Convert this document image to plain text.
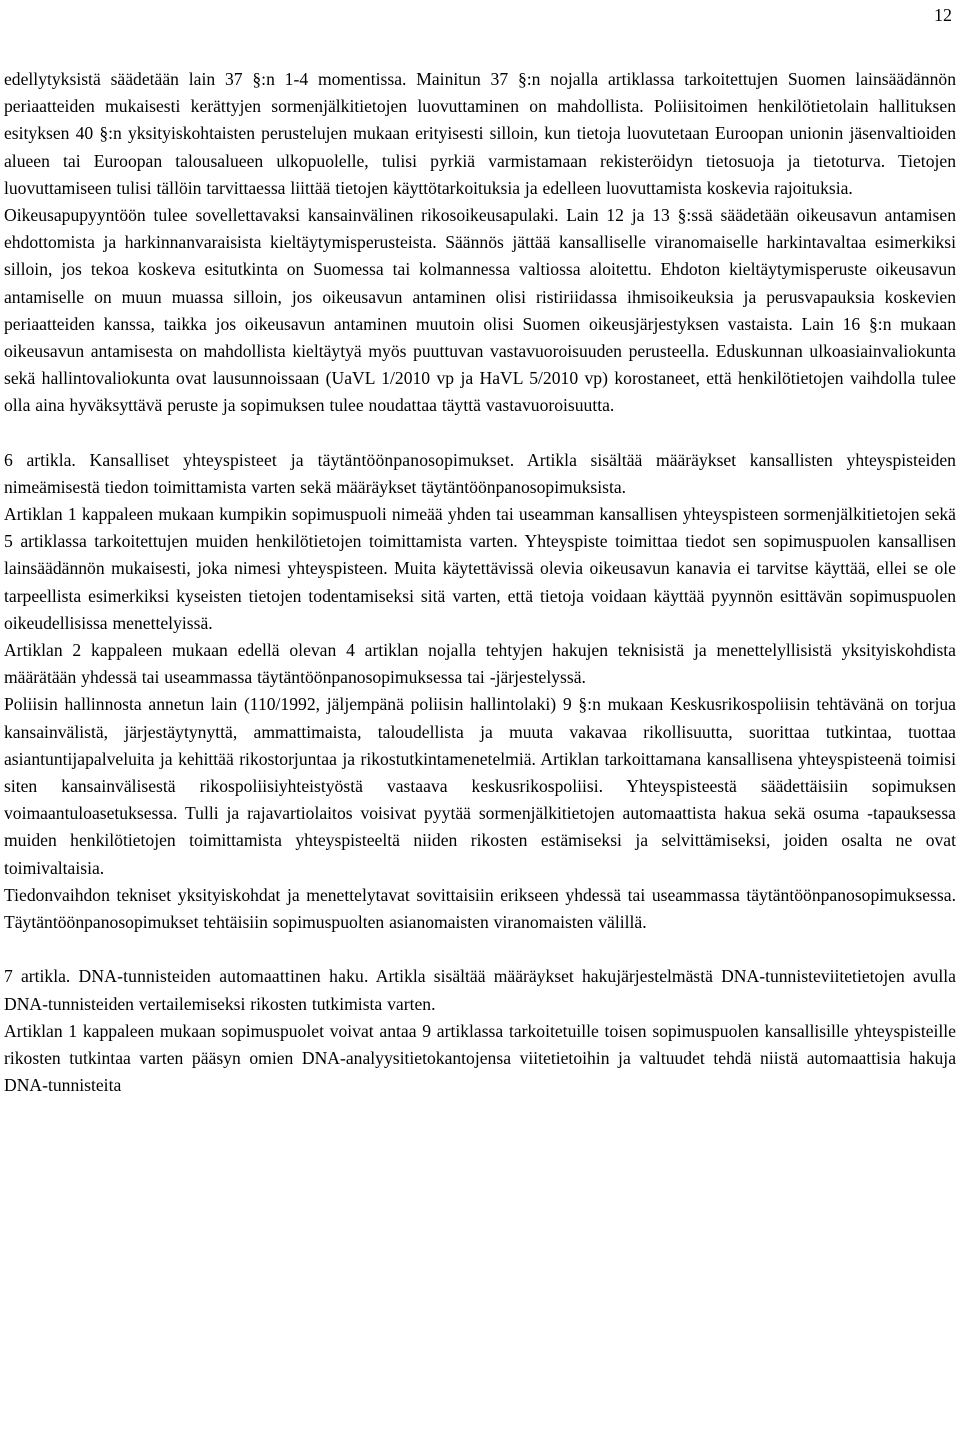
12

edellytyksistä säädetään lain 37 §:n 1-4 momentissa. Mainitun 37 §:n nojalla artiklassa tarkoitettujen Suomen lainsäädännön periaatteiden mukaisesti kerättyjen sormenjälkitietojen luovuttaminen on mahdollista. Poliisitoimen henkilötietolain hallituksen esityksen 40 §:n yksityiskohtaisten perustelujen mukaan erityisesti silloin, kun tietoja luovutetaan Euroopan unionin jäsenvaltioiden alueen tai Euroopan talousalueen ulkopuolelle, tulisi pyrkiä varmistamaan rekisteröidyn tietosuoja ja tietoturva. Tietojen luovuttamiseen tulisi tällöin tarvittaessa liittää tietojen käyttötarkoituksia ja edelleen luovuttamista koskevia rajoituksia.

Oikeusapupyyntöön tulee sovellettavaksi kansainvälinen rikosoikeusapulaki. Lain 12 ja 13 §:ssä säädetään oikeusavun antamisen ehdottomista ja harkinnanvaraisista kieltäytymisperusteista. Säännös jättää kansalliselle viranomaiselle harkintavaltaa esimerkiksi silloin, jos tekoa koskeva esitutkinta on Suomessa tai kolmannessa valtiossa aloitettu. Ehdoton kieltäytymisperuste oikeusavun antamiselle on muun muassa silloin, jos oikeusavun antaminen olisi ristiriidassa ihmisoikeuksia ja perusvapauksia koskevien periaatteiden kanssa, taikka jos oikeusavun antaminen muutoin olisi Suomen oikeusjärjestyksen vastaista. Lain 16 §:n mukaan oikeusavun antamisesta on mahdollista kieltäytyä myös puuttuvan vastavuoroisuuden perusteella. Eduskunnan ulkoasiainvaliokunta sekä hallintovaliokunta ovat lausunnoissaan (UaVL 1/2010 vp ja HaVL 5/2010 vp) korostaneet, että henkilötietojen vaihdolla tulee olla aina hyväksyttävä peruste ja sopimuksen tulee noudattaa täyttä vastavuoroisuutta.

6 artikla. Kansalliset yhteyspisteet ja täytäntöönpanosopimukset. Artikla sisältää määräykset kansallisten yhteyspisteiden nimeämisestä tiedon toimittamista varten sekä määräykset täytäntöönpanosopimuksista.

Artiklan 1 kappaleen mukaan kumpikin sopimuspuoli nimeää yhden tai useamman kansallisen yhteyspisteen sormenjälkitietojen sekä 5 artiklassa tarkoitettujen muiden henkilötietojen toimittamista varten. Yhteyspiste toimittaa tiedot sen sopimuspuolen kansallisen lainsäädännön mukaisesti, joka nimesi yhteyspisteen. Muita käytettävissä olevia oikeusavun kanavia ei tarvitse käyttää, ellei se ole tarpeellista esimerkiksi kyseisten tietojen todentamiseksi sitä varten, että tietoja voidaan käyttää pyynnön esittävän sopimuspuolen oikeudellisissa menettelyissä.

Artiklan 2 kappaleen mukaan edellä olevan 4 artiklan nojalla tehtyjen hakujen teknisistä ja menettelyllisistä yksityiskohdista määrätään yhdessä tai useammassa täytäntöönpanosopimuksessa tai -järjestelyssä.

Poliisin hallinnosta annetun lain (110/1992, jäljempänä poliisin hallintolaki) 9 §:n mukaan Keskusrikospoliisin tehtävänä on torjua kansainvälistä, järjestäytynyttä, ammattimaista, taloudellista ja muuta vakavaa rikollisuutta, suorittaa tutkintaa, tuottaa asiantuntijapalveluita ja kehittää rikostorjuntaa ja rikostutkintamenetelmiä. Artiklan tarkoittamana kansallisena yhteyspisteenä toimisi siten kansainvälisestä rikospoliisiyhteistyöstä vastaava keskusrikospoliisi. Yhteyspisteestä säädettäisiin sopimuksen voimaantuloasetuksessa. Tulli ja rajavartiolaitos voisivat pyytää sormenjälkitietojen automaattista hakua sekä osuma -tapauksessa muiden henkilötietojen toimittamista yhteyspisteeltä niiden rikosten estämiseksi ja selvittämiseksi, joiden osalta ne ovat toimivaltaisia.

Tiedonvaihdon tekniset yksityiskohdat ja menettelytavat sovittaisiin erikseen yhdessä tai useammassa täytäntöönpanosopimuksessa. Täytäntöönpanosopimukset tehtäisiin sopimuspuolten asianomaisten viranomaisten välillä.

7 artikla. DNA-tunnisteiden automaattinen haku. Artikla sisältää määräykset hakujärjestelmästä DNA-tunnisteviitetietojen avulla DNA-tunnisteiden vertailemiseksi rikosten tutkimista varten.

Artiklan 1 kappaleen mukaan sopimuspuolet voivat antaa 9 artiklassa tarkoitetuille toisen sopimuspuolen kansallisille yhteyspisteille rikosten tutkintaa varten pääsyn omien DNA-analyysitietokantojensa viitetietoihin ja valtuudet tehdä niistä automaattisia hakuja DNA-tunnisteita
